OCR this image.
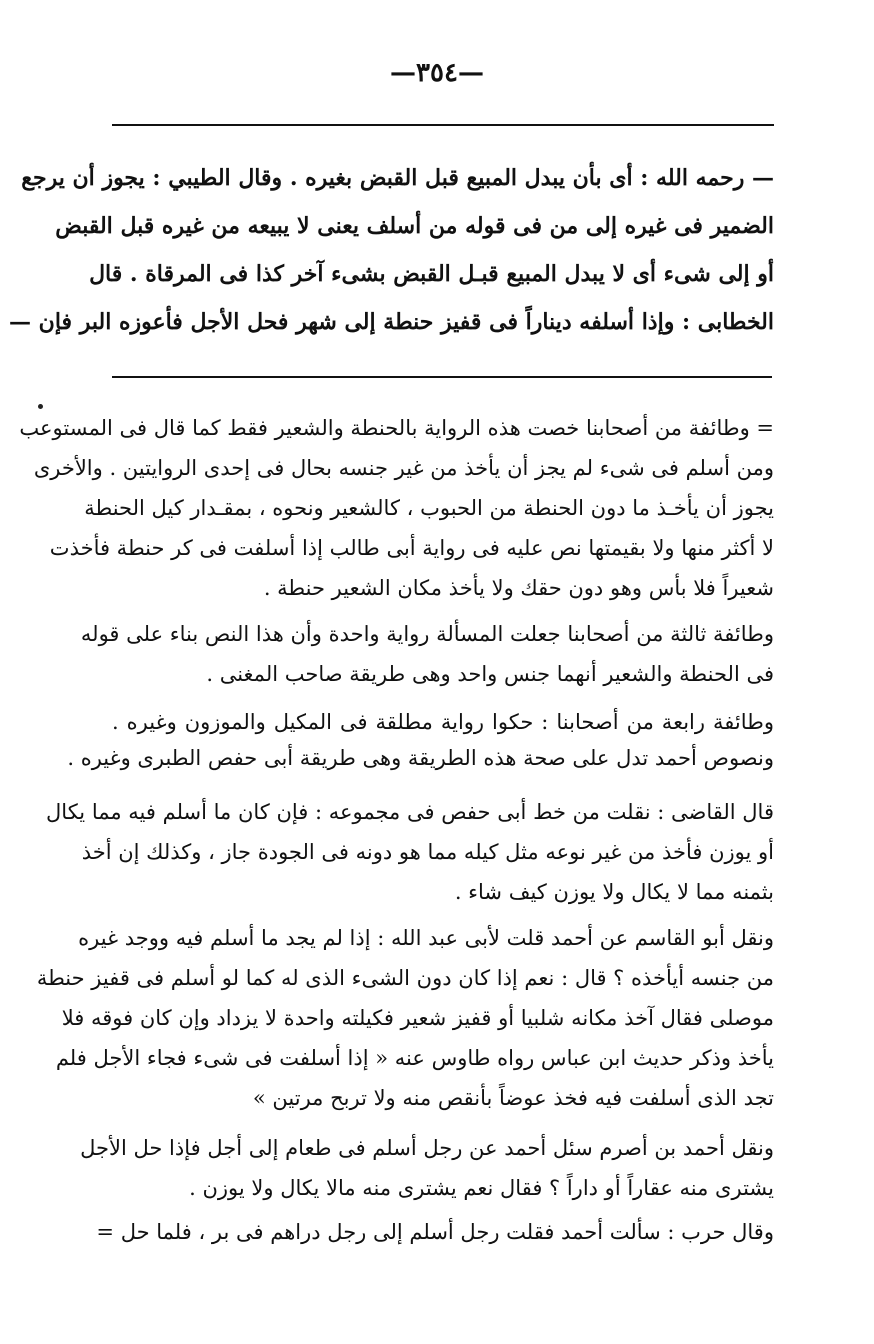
—٣٥٤—
— رحمه الله : أى بأن يبدل المبيع قبل القبض بغيره . وقال الطيبي : يجوز أن يرجع
الضمير فى غيره إلى من فى قوله من أسلف يعنى لا يبيعه من غيره قبل القبض
أو إلى شىء أى لا يبدل المبيع قبـل القبض بشىء آخر كذا فى المرقاة . قال
الخطابى : وإذا أسلفه ديناراً فى قفيز حنطة إلى شهر فحل الأجل فأعوزه البر فإن —
= وطائفة من أصحابنا خصت هذه الرواية بالحنطة والشعير فقط كما قال فى المستوعب
ومن أسلم فى شىء لم يجز أن يأخذ من غير جنسه بحال فى إحدى الروايتين . والأخرى
يجوز أن يأخـذ ما دون الحنطة من الحبوب ، كالشعير ونحوه ، بمقـدار كيل الحنطة
لا أكثر منها ولا بقيمتها نص عليه فى رواية أبى طالب إذا أسلفت فى كر حنطة فأخذت
شعيراً فلا بأس وهو دون حقك ولا يأخذ مكان الشعير حنطة .
وطائفة ثالثة من أصحابنا جعلت المسألة رواية واحدة وأن هذا النص بناء على قوله
فى الحنطة والشعير أنهما جنس واحد وهى طريقة صاحب المغنى .
وطائفة رابعة من أصحابنا : حكوا رواية مطلقة فى المكيل والموزون وغيره .
ونصوص أحمد تدل على صحة هذه الطريقة وهى طريقة أبى حفص الطبرى وغيره .
قال القاضى : نقلت من خط أبى حفص فى مجموعه : فإن كان ما أسلم فيه مما يكال
أو يوزن فأخذ من غير نوعه مثل كيله مما هو دونه فى الجودة جاز ، وكذلك إن أخذ
بثمنه مما لا يكال ولا يوزن كيف شاء .
ونقل أبو القاسم عن أحمد قلت لأبى عبد الله : إذا لم يجد ما أسلم فيه ووجد غيره
من جنسه أيأخذه ؟ قال : نعم إذا كان دون الشىء الذى له كما لو أسلم فى قفيز حنطة
موصلى فقال آخذ مكانه شلبيا أو قفيز شعير فكيلته واحدة لا يزداد وإن كان فوقه فلا
يأخذ وذكر حديث ابن عباس رواه طاوس عنه « إذا أسلفت فى شىء فجاء الأجل فلم
تجد الذى أسلفت فيه فخذ عوضاً بأنقص منه ولا تربح مرتين »
ونقل أحمد بن أصرم سئل أحمد عن رجل أسلم فى طعام إلى أجل فإذا حل الأجل
يشترى منه عقاراً أو داراً ؟ فقال نعم يشترى منه مالا يكال ولا يوزن .
وقال حرب : سألت أحمد فقلت رجل أسلم إلى رجل دراهم فى بر ، فلما حل =
